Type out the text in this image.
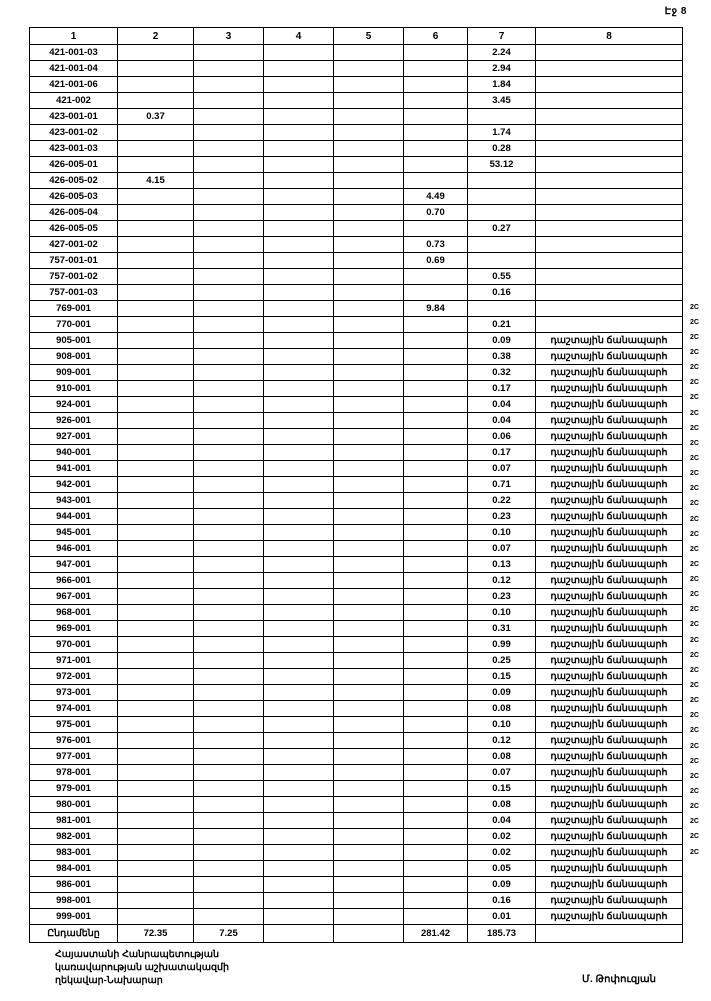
Էջ 8
1	2	3	4	5	6	7	8
421-001-03						2.24	
421-001-04						2.94	
421-001-06						1.84	
421-002						3.45	
423-001-01	0.37						
423-001-02						1.74	
423-001-03						0.28	
426-005-01						53.12	
426-005-02	4.15						
426-005-03					4.49		
426-005-04					0.70		
426-005-05						0.27	
427-001-02					0.73		
757-001-01					0.69		
757-001-02						0.55	
757-001-03						0.16	
769-001					9.84		
770-001						0.21	
905-001						0.09	դաշտային ճանապարհ
908-001						0.38	դաշտային ճանապարհ
909-001						0.32	դաշտային ճանապարհ
910-001						0.17	դաշտային ճանապարհ
924-001						0.04	դաշտային ճանապարհ
926-001						0.04	դաշտային ճանապարհ
927-001						0.06	դաշտային ճանապարհ
940-001						0.17	դաշտային ճանապարհ
941-001						0.07	դաշտային ճանապարհ
942-001						0.71	դաշտային ճանապարհ
943-001						0.22	դաշտային ճանապարհ
944-001						0.23	դաշտային ճանապարհ
945-001						0.10	դաշտային ճանապարհ
946-001						0.07	դաշտային ճանապարհ
947-001						0.13	դաշտային ճանապարհ
966-001						0.12	դաշտային ճանապարհ
967-001						0.23	դաշտային ճանապարհ
968-001						0.10	դաշտային ճանապարհ
969-001						0.31	դաշտային ճանապարհ
970-001						0.99	դաշտային ճանապարհ
971-001						0.25	դաշտային ճանապարհ
972-001						0.15	դաշտային ճանապարհ
973-001						0.09	դաշտային ճանապարհ
974-001						0.08	դաշտային ճանապարհ
975-001						0.10	դաշտային ճանապարհ
976-001						0.12	դաշտային ճանապարհ
977-001						0.08	դաշտային ճանապարհ
978-001						0.07	դաշտային ճանապարհ
979-001						0.15	դաշտային ճանապարհ
980-001						0.08	դաշտային ճանապարհ
981-001						0.04	դաշտային ճանապարհ
982-001						0.02	դաշտային ճանապարհ
983-001						0.02	դաշտային ճանապարհ
984-001						0.05	դաշտային ճանապարհ
986-001						0.09	դաշտային ճանապարհ
998-001						0.16	դաշտային ճանապարհ
999-001						0.01	դաշտային ճանապարհ
Ընդամենը	72.35	7.25			281.42	185.73	
2C
2C
2C
2C
2C
2C
2C
2C
2C
2C
2C
2C
2C
2C
2C
2C
2C
2C
2C
2C
2C
2C
2C
2C
2C
2C
2C
2C
2C
2C
2C
2C
2C
2C
2C
2C
2C
Հայաստանի Հանրապետության
կառավարության աշխատակազմի
ղեկավար-Նախարար	Մ. Թոփուզյան
